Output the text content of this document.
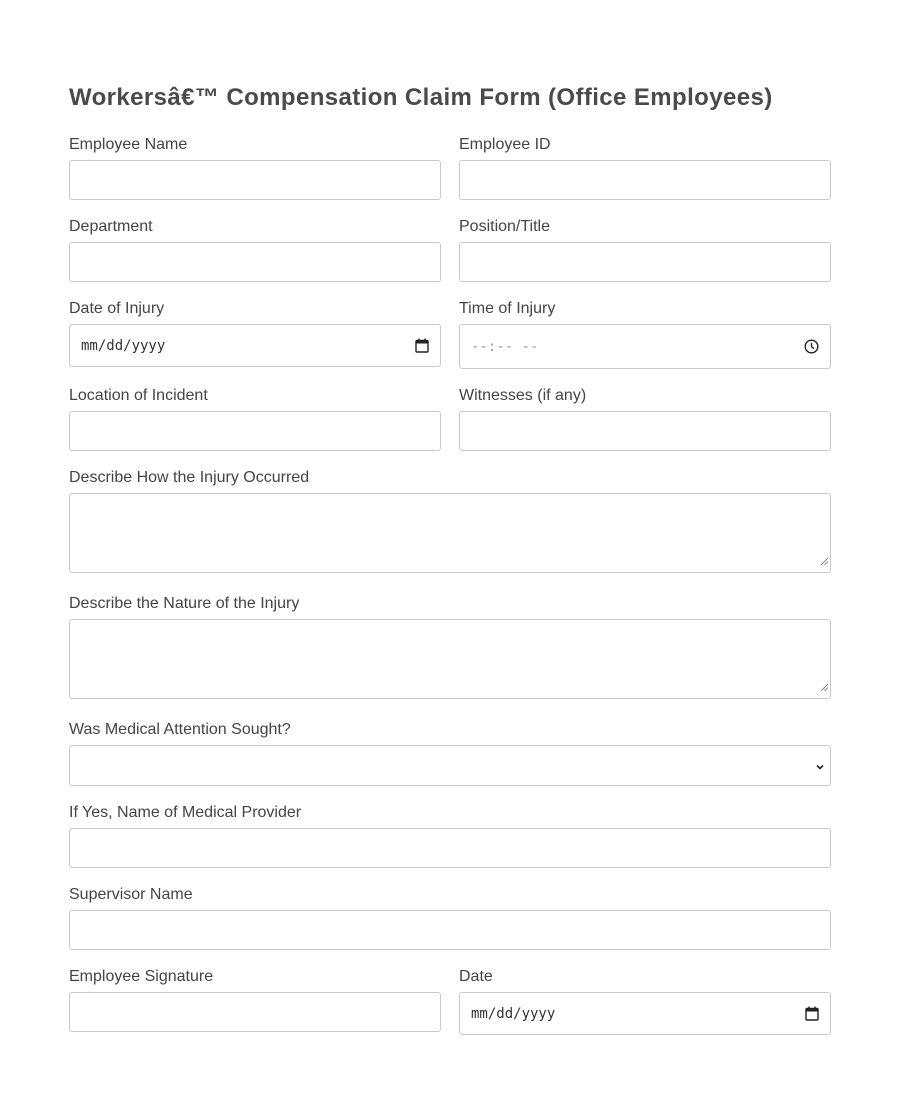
Workersâ€™ Compensation Claim Form (Office Employees)
Employee Name	Employee ID
Department	Position/Title
Date of Injury
mm/dd/yyyy
Time of Injury
--:-- --
Location of Incident	Witnesses (if any)
Describe How the Injury Occurred
Describe the Nature of the Injury
Was Medical Attention Sought?
If Yes, Name of Medical Provider
Supervisor Name
Employee Signature	Date
mm/dd/yyyy
